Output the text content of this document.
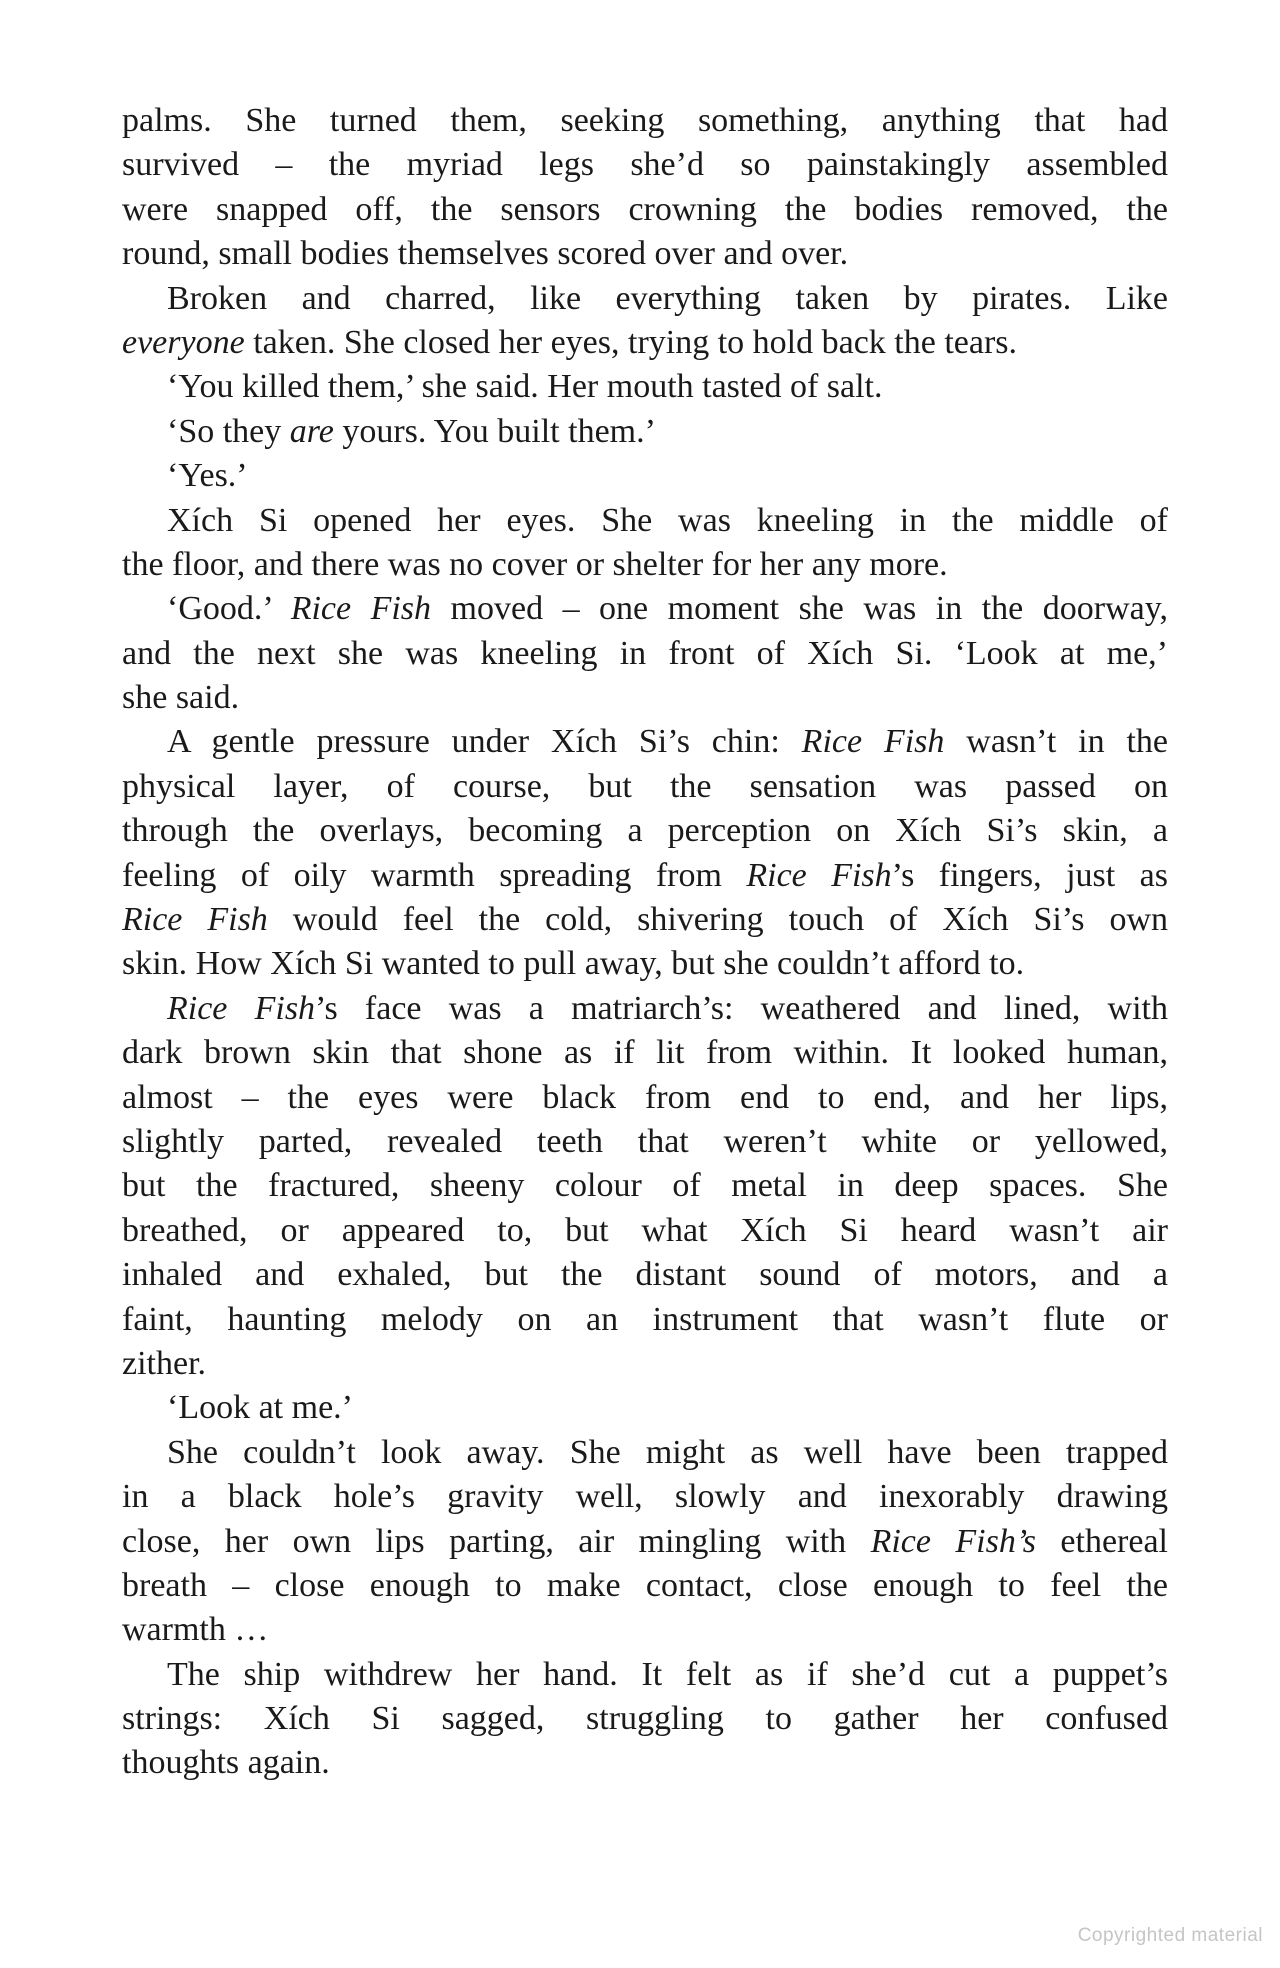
palms. She turned them, seeking something, anything that had
survived – the myriad legs she’d so painstakingly assembled
were snapped off, the sensors crowning the bodies removed, the
round, small bodies themselves scored over and over.
Broken and charred, like everything taken by pirates. Like
everyone taken. She closed her eyes, trying to hold back the tears.
‘You killed them,’ she said. Her mouth tasted of salt.
‘So they are yours. You built them.’
‘Yes.’
Xích Si opened her eyes. She was kneeling in the middle of
the floor, and there was no cover or shelter for her any more.
‘Good.’ Rice Fish moved – one moment she was in the doorway,
and the next she was kneeling in front of Xích Si. ‘Look at me,’
she said.
A gentle pressure under Xích Si’s chin: Rice Fish wasn’t in the
physical layer, of course, but the sensation was passed on
through the overlays, becoming a perception on Xích Si’s skin, a
feeling of oily warmth spreading from Rice Fish’s fingers, just as
Rice Fish would feel the cold, shivering touch of Xích Si’s own
skin. How Xích Si wanted to pull away, but she couldn’t afford to.
Rice Fish’s face was a matriarch’s: weathered and lined, with
dark brown skin that shone as if lit from within. It looked human,
almost – the eyes were black from end to end, and her lips,
slightly parted, revealed teeth that weren’t white or yellowed,
but the fractured, sheeny colour of metal in deep spaces. She
breathed, or appeared to, but what Xích Si heard wasn’t air
inhaled and exhaled, but the distant sound of motors, and a
faint, haunting melody on an instrument that wasn’t flute or
zither.
‘Look at me.’
She couldn’t look away. She might as well have been trapped
in a black hole’s gravity well, slowly and inexorably drawing
close, her own lips parting, air mingling with Rice Fish’s ethereal
breath – close enough to make contact, close enough to feel the
warmth …
The ship withdrew her hand. It felt as if she’d cut a puppet’s
strings: Xích Si sagged, struggling to gather her confused
thoughts again.
Copyrighted material
